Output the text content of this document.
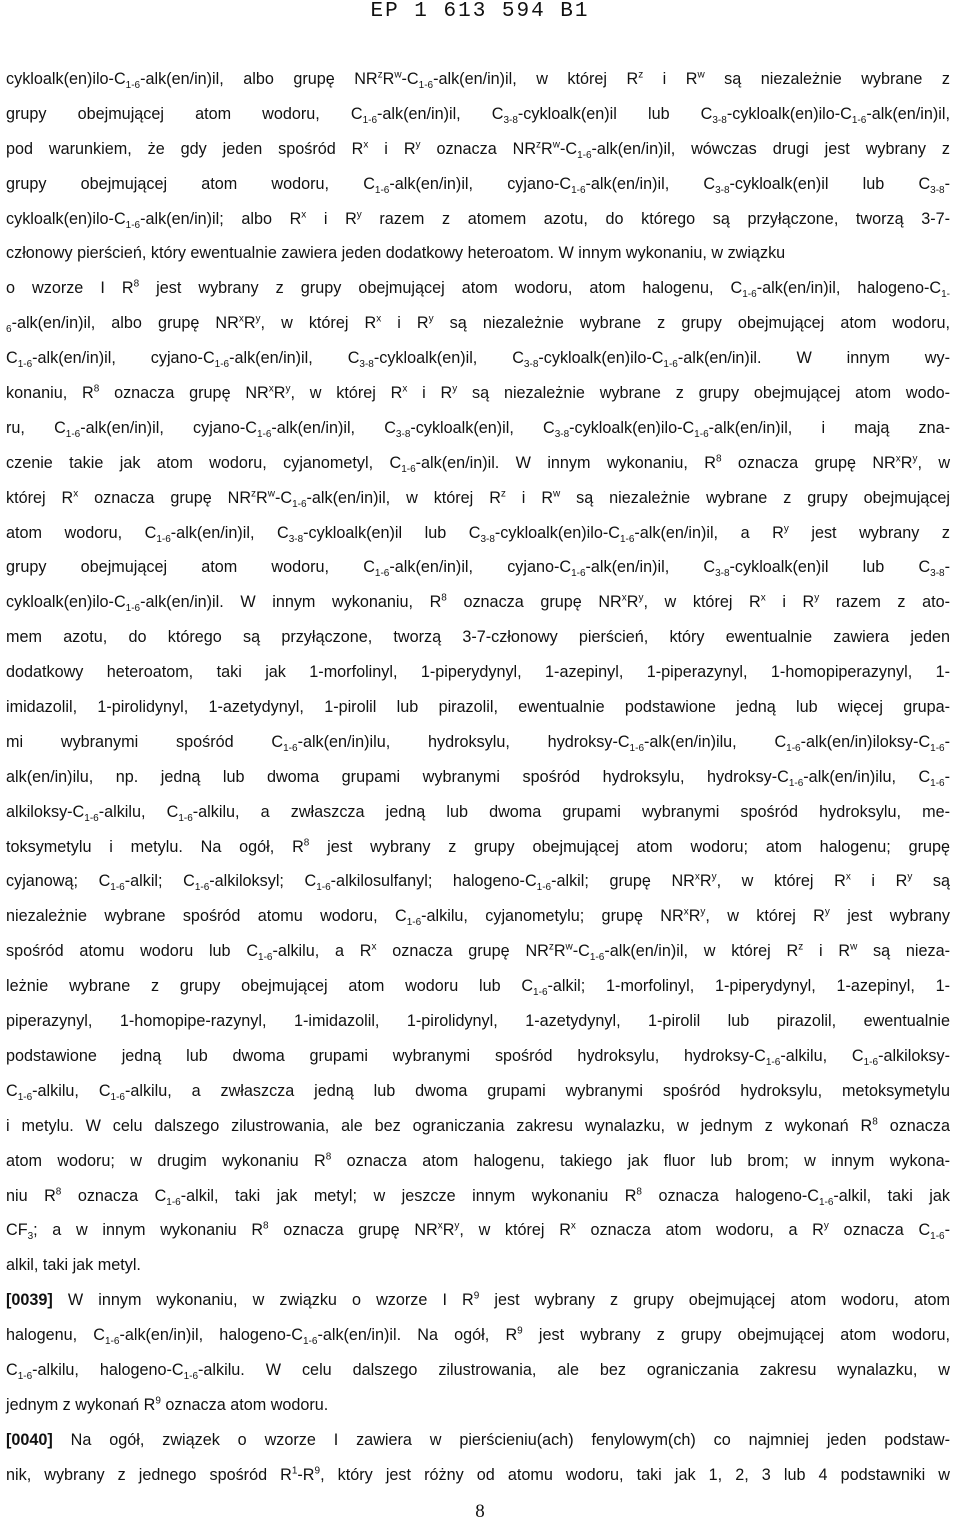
EP 1 613 594 B1
$cykloalk(en)ilo-C_{1-6}-alk(en/in)il$, albo grupę $NR^zR^w-C_{1-6}-alk(en/in)il$, w której $R^z$ i $R^w$ są niezależnie wybrane z
grupy obejmującej atom wodoru, $C_{1-6}-alk(en/in)il$, $C_{3-8}-cykloalk(en)il$ lub $C_{3-8}-cykloalk(en)ilo-C_{1-6}-alk(en/in)il$,
pod warunkiem, że gdy jeden spośród $R^x$ i $R^y$ oznacza $NR^zR^w-C_{1-6}-alk(en/in)il$, wówczas drugi jest wybrany z
grupy obejmującej atom wodoru, $C_{1-6}-alk(en/in)il$, cyjano-$C_{1-6}-alk(en/in)il$, $C_{3-8}-cykloalk(en)il$ lub $C_{3-8}-$
$cykloalk(en)ilo-C_{1-6}-alk(en/in)il$; albo $R^x$ i $R^y$ razem z atomem azotu, do którego są przyłączone, tworzą 3-7-
członowy pierścień, który ewentualnie zawiera jeden dodatkowy heteroatom. W innym wykonaniu, w związku
o wzorze I $R^8$ jest wybrany z grupy obejmującej atom wodoru, atom halogenu, $C_{1-6}-alk(en/in)il$, halogeno-$C_{1-}$
$_6$-alk(en/in)il, albo grupę $NR^xR^y$, w której $R^x$ i $R^y$ są niezależnie wybrane z grupy obejmującej atom wodoru,
$C_{1-6}-alk(en/in)il$, cyjano-$C_{1-6}-alk(en/in)il$, $C_{3-8}-cykloalk(en)il$, $C_{3-8}-cykloalk(en)ilo-C_{1-6}-alk(en/in)il$. W innym wy-
konaniu, $R^8$ oznacza grupę $NR^xR^y$, w której $R^x$ i $R^y$ są niezależnie wybrane z grupy obejmującej atom wodo-
ru, $C_{1-6}-alk(en/in)il$, cyjano-$C_{1-6}-alk(en/in)il$, $C_{3-8}-cykloalk(en)il$, $C_{3-8}-cykloalk(en)ilo-C_{1-6}-alk(en/in)il$, i mają zna-
czenie takie jak atom wodoru, cyjanometyl, $C_{1-6}-alk(en/in)il$. W innym wykonaniu, $R^8$ oznacza grupę $NR^xR^y$, w
której $R^x$ oznacza grupę $NR^zR^w-C_{1-6}-alk(en/in)il$, w której $R^z$ i $R^w$ są niezależnie wybrane z grupy obejmującej
atom wodoru, $C_{1-6}-alk(en/in)il$, $C_{3-8}-cykloalk(en)il$ lub $C_{3-8}-cykloalk(en)ilo-C_{1-6}-alk(en/in)il$, a $R^y$ jest wybrany z
grupy obejmującej atom wodoru, $C_{1-6}-alk(en/in)il$, cyjano-$C_{1-6}-alk(en/in)il$, $C_{3-8}-cykloalk(en)il$ lub $C_{3-8}-$
$cykloalk(en)ilo-C_{1-6}-alk(en/in)il$. W innym wykonaniu, $R^8$ oznacza grupę $NR^xR^y$, w której $R^x$ i $R^y$ razem z ato-
mem azotu, do którego są przyłączone, tworzą 3-7-członowy pierścień, który ewentualnie zawiera jeden
dodatkowy heteroatom, taki jak 1-morfolinyl, 1-piperydynyl, 1-azepinyl, 1-piperazynyl, 1-homopiperazynyl, 1-
imidazolil, 1-pirolidynyl, 1-azetydynyl, 1-pirolil lub pirazolil, ewentualnie podstawione jedną lub więcej grupa-
mi wybranymi spośród $C_{1-6}-alk(en/in)ilu$, hydroksylu, hydroksy-$C_{1-6}-alk(en/in)ilu$, $C_{1-6}-alk(en/in)iloksy-C_{1-6}-$
alk(en/in)ilu, np. jedną lub dwoma grupami wybranymi spośród hydroksylu, hydroksy-$C_{1-6}-alk(en/in)ilu$, $C_{1-6}-$
alkiloksy-$C_{1-6}$-alkilu, $C_{1-6}$-alkilu, a zwłaszcza jedną lub dwoma grupami wybranymi spośród hydroksylu, me-
toksymetylu i metylu. Na ogół, $R^8$ jest wybrany z grupy obejmującej atom wodoru; atom halogenu; grupę
cyjanową; $C_{1-6}$-alkil; $C_{1-6}$-alkiloksyl; $C_{1-6}$-alkilosulfanyl; halogeno-$C_{1-6}$-alkil; grupę $NR^xR^y$, w której $R^x$ i $R^y$ są
niezależnie wybrane spośród atomu wodoru, $C_{1-6}$-alkilu, cyjanometylu; grupę $NR^xR^y$, w której $R^y$ jest wybrany
spośród atomu wodoru lub $C_{1-6}$-alkilu, a $R^x$ oznacza grupę $NR^zR^w-C_{1-6}-alk(en/in)il$, w której $R^z$ i $R^w$ są nieza-
leżnie wybrane z grupy obejmującej atom wodoru lub $C_{1-6}$-alkil; 1-morfolinyl, 1-piperydynyl, 1-azepinyl, 1-
piperazynyl, 1-homopipe-razynyl, 1-imidazolil, 1-pirolidynyl, 1-azetydynyl, 1-pirolil lub pirazolil, ewentualnie
podstawione jedną lub dwoma grupami wybranymi spośród hydroksylu, hydroksy-$C_{1-6}$-alkilu, $C_{1-6}-alkiloksy-$
$C_{1-6}$-alkilu, $C_{1-6}$-alkilu, a zwłaszcza jedną lub dwoma grupami wybranymi spośród hydroksylu, metoksymetylu
i metylu. W celu dalszego zilustrowania, ale bez ograniczania zakresu wynalazku, w jednym z wykonań $R^8$ oznacza
atom wodoru; w drugim wykonaniu $R^8$ oznacza atom halogenu, takiego jak fluor lub brom; w innym wykona-
niu $R^8$ oznacza $C_{1-6}$-alkil, taki jak metyl; w jeszcze innym wykonaniu $R^8$ oznacza halogeno-$C_{1-6}$-alkil, taki jak
$CF_3$; a w innym wykonaniu $R^8$ oznacza grupę $NR^xR^y$, w której $R^x$ oznacza atom wodoru, a $R^y$ oznacza $C_{1-6}-$
alkil, taki jak metyl.
[0039] W innym wykonaniu, w związku o wzorze I $R^9$ jest wybrany z grupy obejmującej atom wodoru, atom
halogenu, $C_{1-6}-alk(en/in)il$, halogeno-$C_{1-6}-alk(en/in)il$. Na ogół, $R^9$ jest wybrany z grupy obejmującej atom wodoru,
$C_{1-6}$-alkilu, halogeno-$C_{1-6}$-alkilu. W celu dalszego zilustrowania, ale bez ograniczania zakresu wynalazku, w
jednym z wykonań $R^9$ oznacza atom wodoru.
[0040] Na ogół, związek o wzorze I zawiera w pierścieniu(ach) fenylowym(ch) co najmniej jeden podstaw-
nik, wybrany z jednego spośród $R^1-R^9$, który jest różny od atomu wodoru, taki jak 1, 2, 3 lub 4 podstawniki w
8
